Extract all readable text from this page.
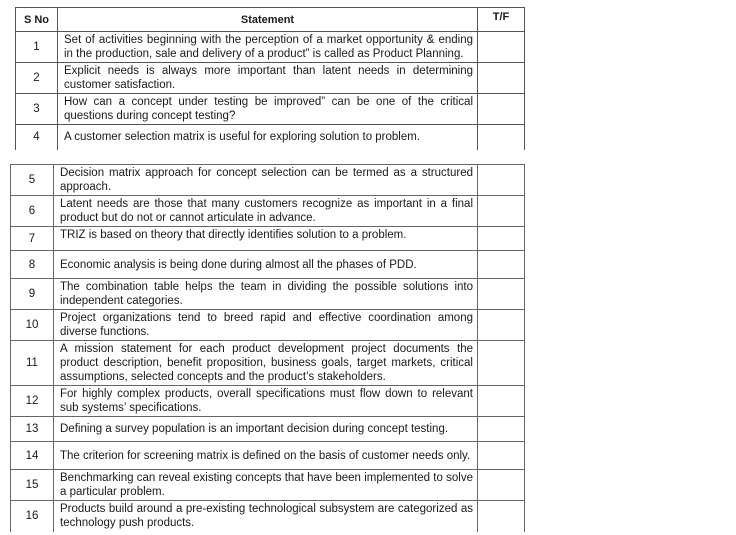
S No	Statement	T/F
1	Set of activities beginning with the perception of a market opportunity & ending in the production, sale and delivery of a product” is called as Product Planning.	
2	Explicit needs is always more important than latent needs in determining customer satisfaction.	
3	How can a concept under testing be improved” can be one of the critical questions during concept testing?	
4	A customer selection matrix is useful for exploring solution to problem.	
5	Decision matrix approach for concept selection can be termed as a structured approach.	
6	Latent needs are those that many customers recognize as important in a final product but do not or cannot articulate in advance.	
7	TRIZ is based on theory that directly identifies solution to a problem.	
8	Economic analysis is being done during almost all the phases of PDD.	
9	The combination table helps the team in dividing the possible solutions into independent categories.	
10	Project organizations tend to breed rapid and effective coordination among diverse functions.	
11	A mission statement for each product development project documents the product description, benefit proposition, business goals, target markets, critical assumptions, selected concepts and the product’s stakeholders.	
12	For highly complex products, overall specifications must flow down to relevant sub systems’ specifications.	
13	Defining a survey population is an important decision during concept testing.	
14	The criterion for screening matrix is defined on the basis of customer needs only.	
15	Benchmarking can reveal existing concepts that have been implemented to solve a particular problem.	
16	Products build around a pre-existing technological subsystem are categorized as technology push products.	
